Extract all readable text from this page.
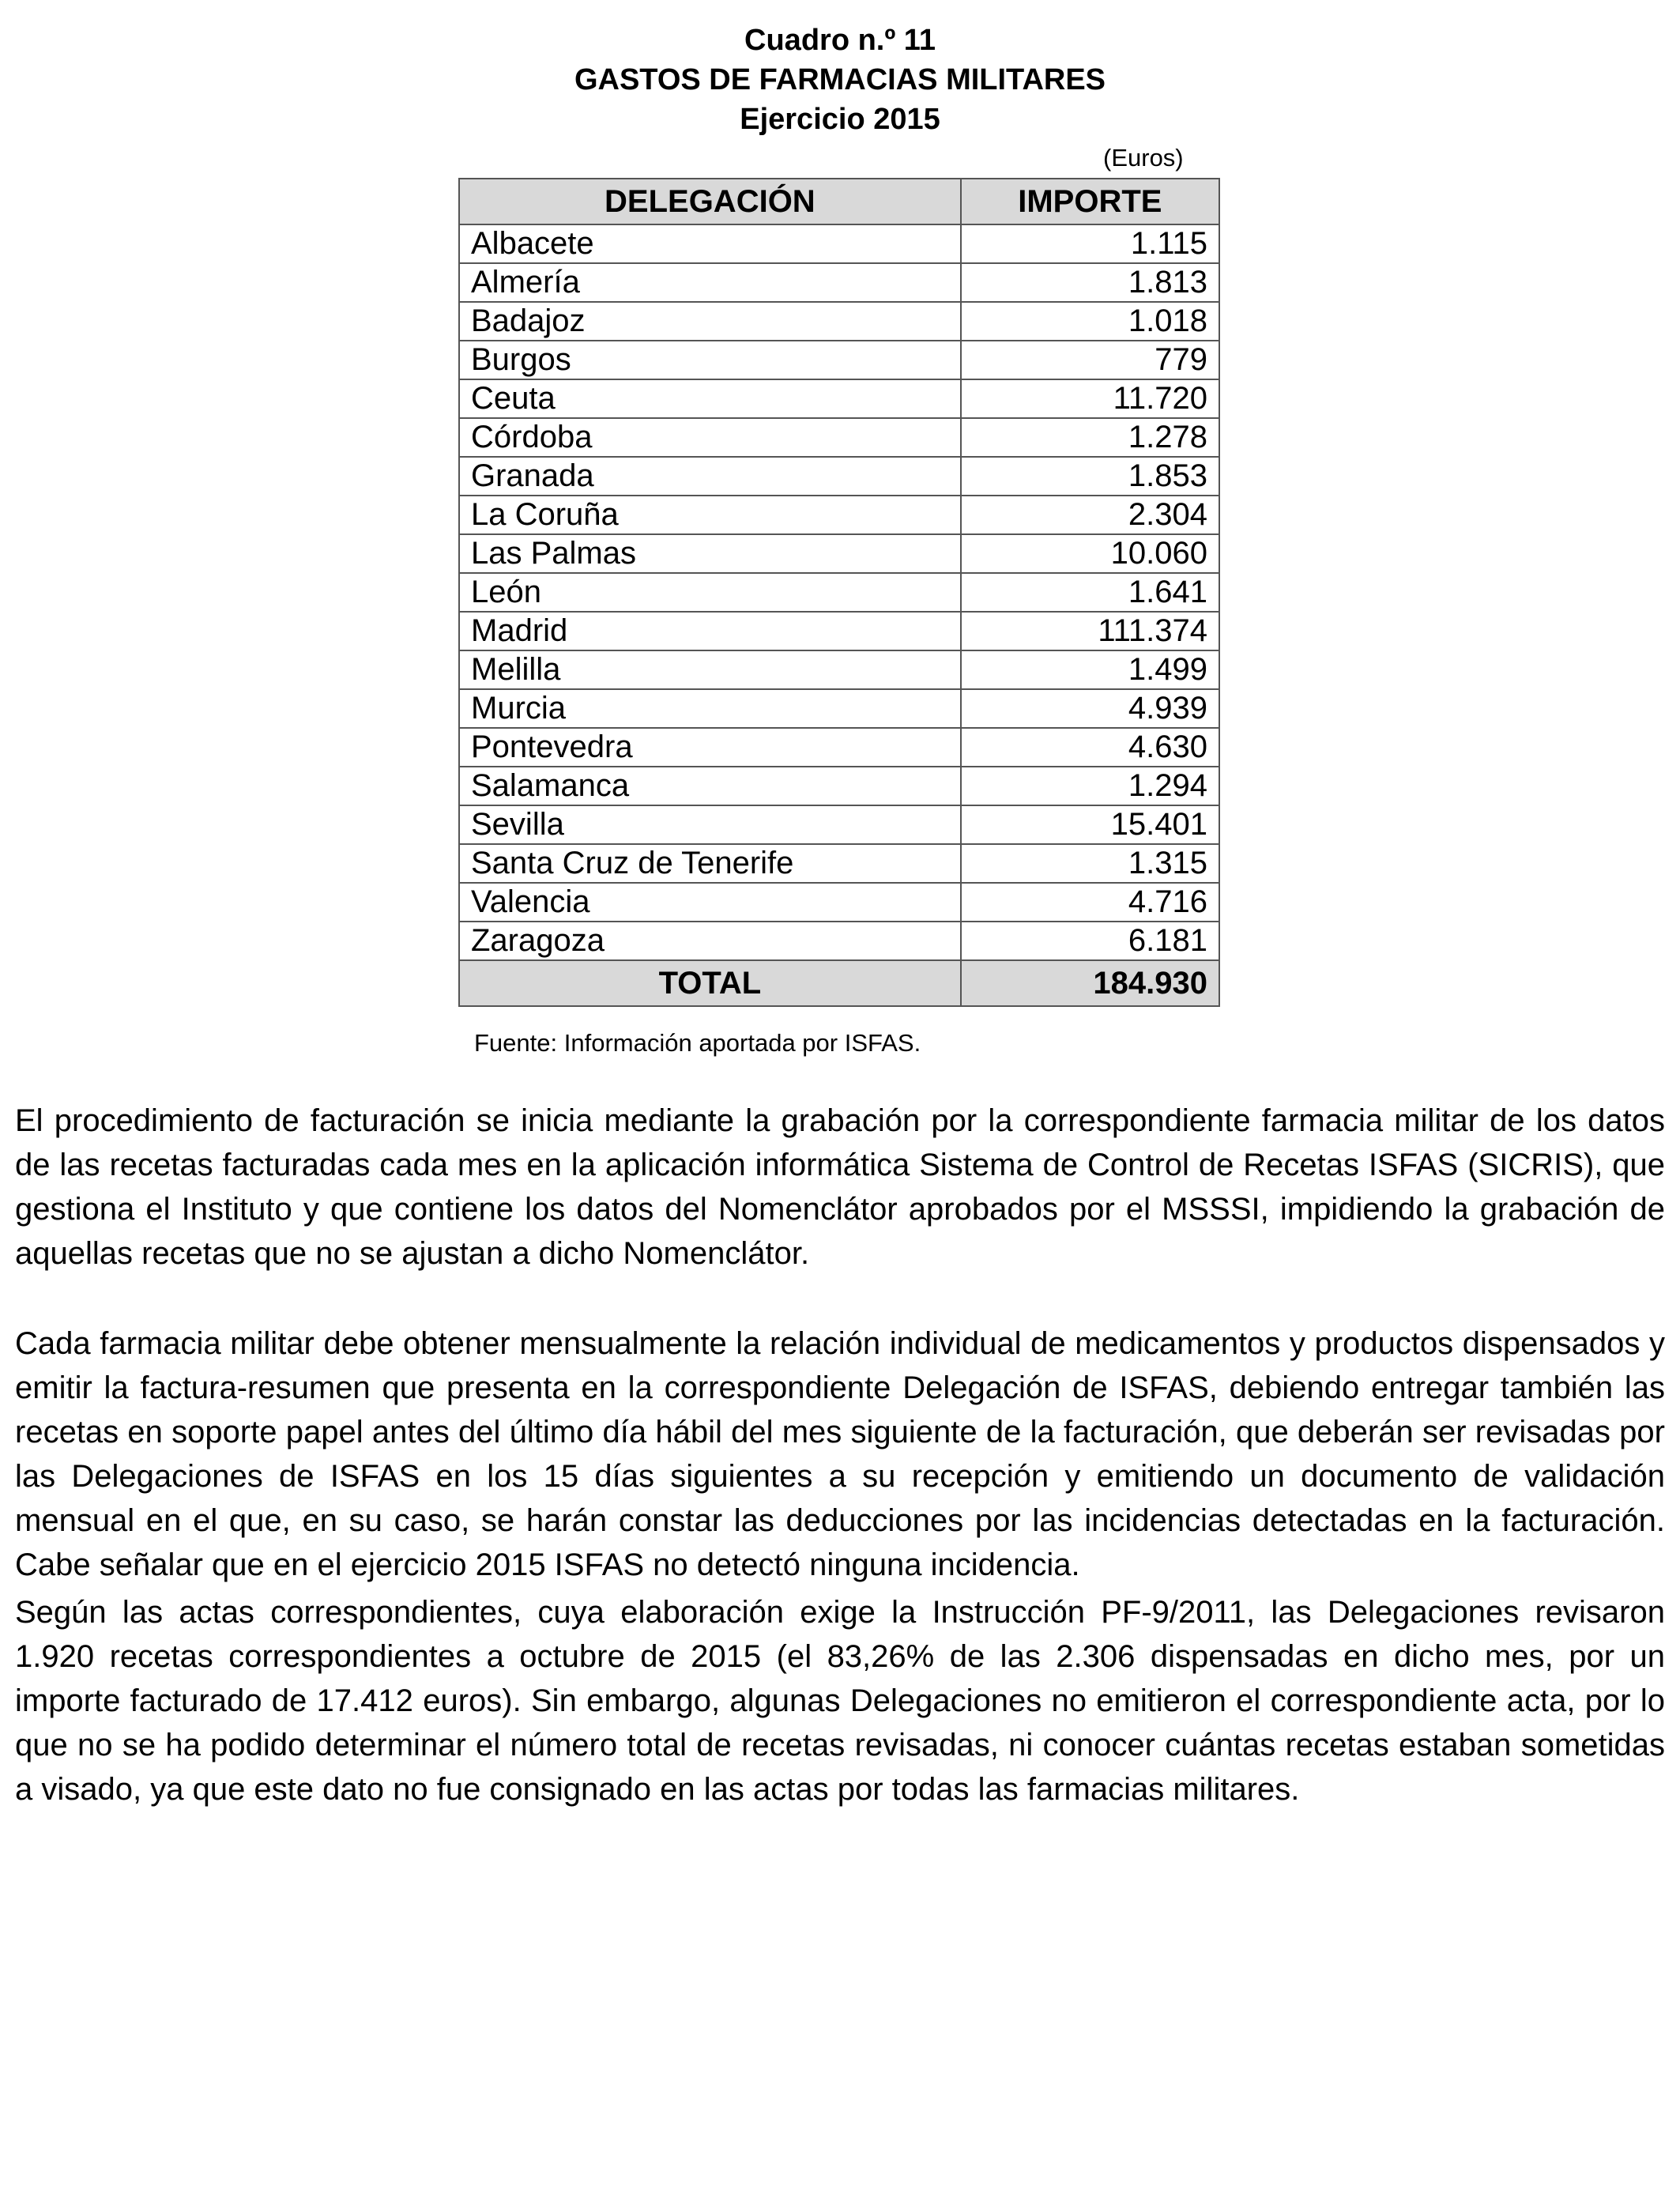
Cuadro n.º 11
GASTOS DE FARMACIAS MILITARES
Ejercicio 2015
(Euros)
DELEGACIÓN	IMPORTE
Albacete	1.115
Almería	1.813
Badajoz	1.018
Burgos	779
Ceuta	11.720
Córdoba	1.278
Granada	1.853
La Coruña	2.304
Las Palmas	10.060
León	1.641
Madrid	111.374
Melilla	1.499
Murcia	4.939
Pontevedra	4.630
Salamanca	1.294
Sevilla	15.401
Santa Cruz de Tenerife	1.315
Valencia	4.716
Zaragoza	6.181
TOTAL	184.930
Fuente: Información aportada por ISFAS.

El procedimiento de facturación se inicia mediante la grabación por la correspondiente farmacia militar de los datos de las recetas facturadas cada mes en la aplicación informática Sistema de Control de Recetas ISFAS (SICRIS), que gestiona el Instituto y que contiene los datos del Nomenclátor aprobados por el MSSSI, impidiendo la grabación de aquellas recetas que no se ajustan a dicho Nomenclátor.

Cada farmacia militar debe obtener mensualmente la relación individual de medicamentos y productos dispensados y emitir la factura-resumen que presenta en la correspondiente Delegación de ISFAS, debiendo entregar también las recetas en soporte papel antes del último día hábil del mes siguiente de la facturación, que deberán ser revisadas por las Delegaciones de ISFAS en los 15 días siguientes a su recepción y emitiendo un documento de validación mensual en el que, en su caso, se harán constar las deducciones por las incidencias detectadas en la facturación. Cabe señalar que en el ejercicio 2015 ISFAS no detectó ninguna incidencia.

Según las actas correspondientes, cuya elaboración exige la Instrucción PF-9/2011, las Delegaciones revisaron 1.920 recetas correspondientes a octubre de 2015 (el 83,26% de las 2.306 dispensadas en dicho mes, por un importe facturado de 17.412 euros). Sin embargo, algunas Delegaciones no emitieron el correspondiente acta, por lo que no se ha podido determinar el número total de recetas revisadas, ni conocer cuántas recetas estaban sometidas a visado, ya que este dato no fue consignado en las actas por todas las farmacias militares.
